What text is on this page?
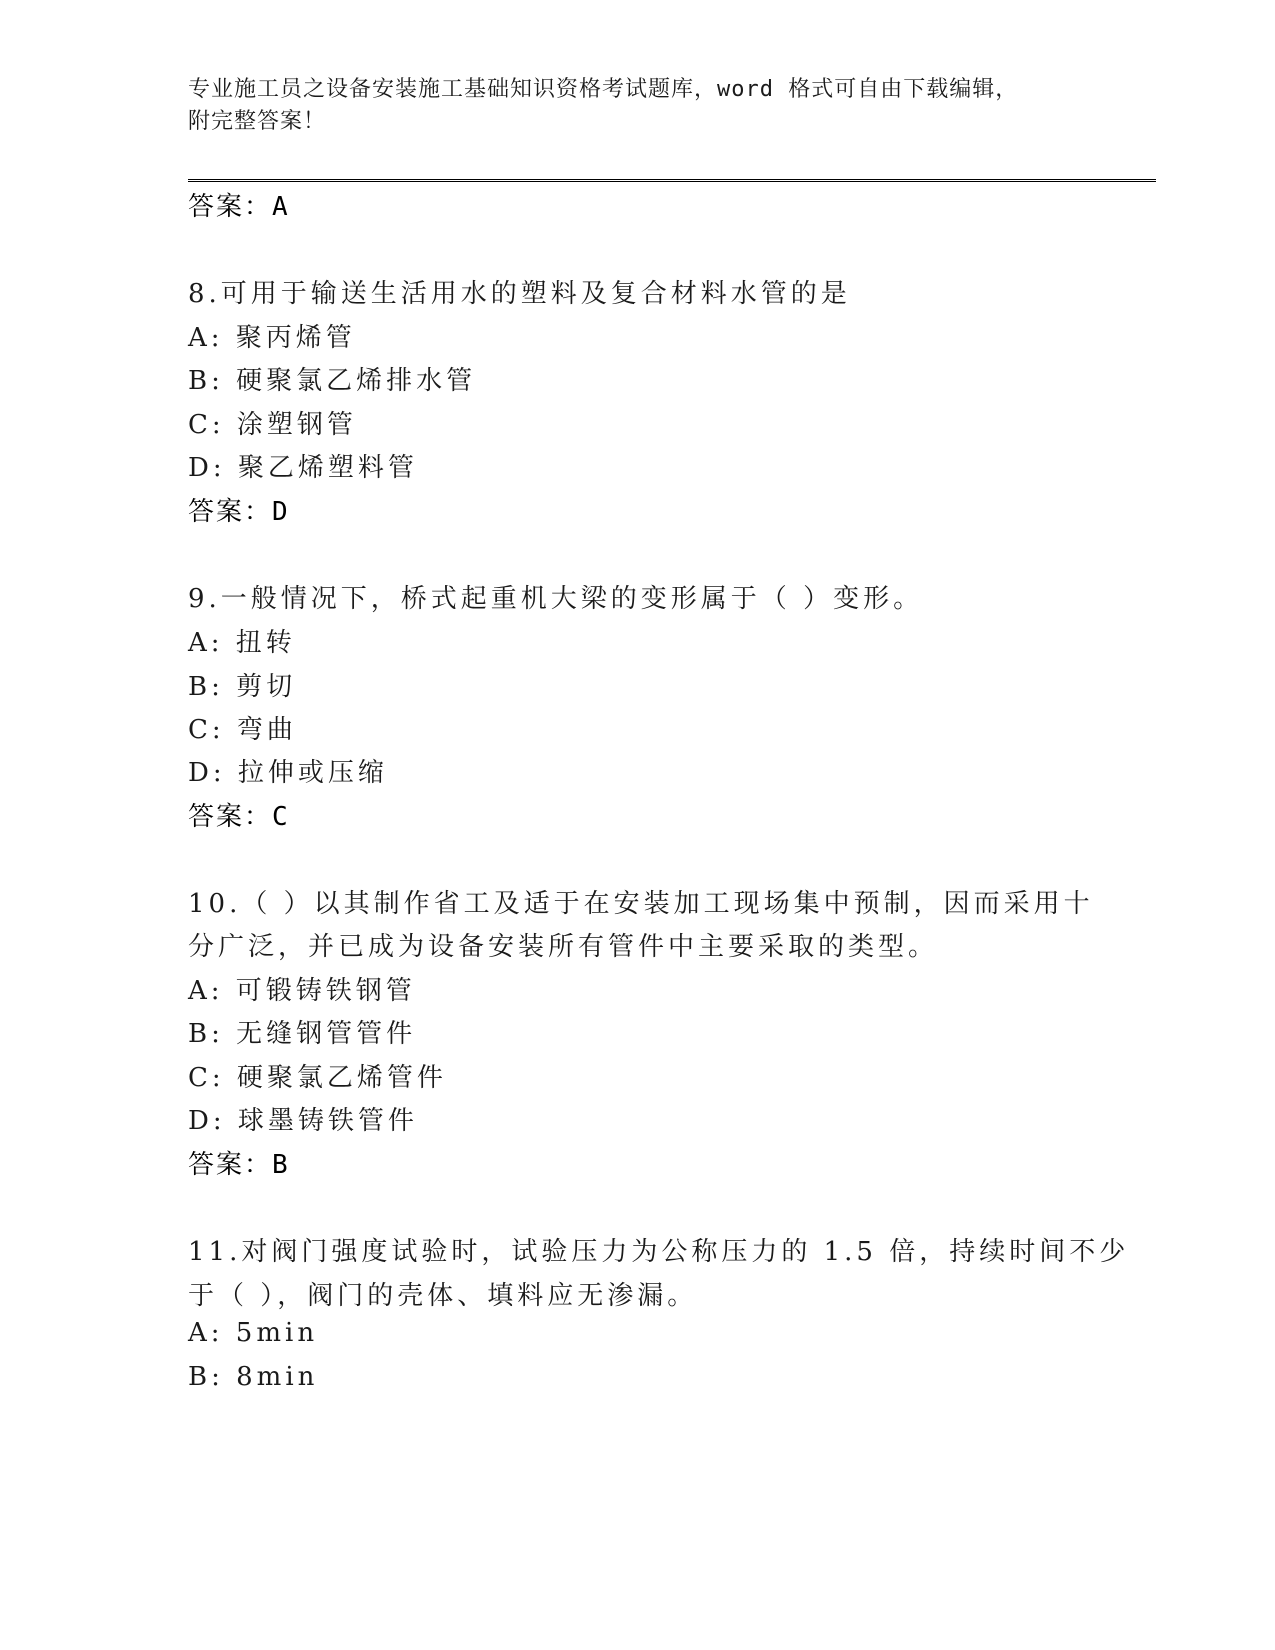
专业施工员之设备安装施工基础知识资格考试题库，word 格式可自由下载编辑，
附完整答案！
答案：A
8.可用于输送生活用水的塑料及复合材料水管的是
A: 聚丙烯管
B: 硬聚氯乙烯排水管
C: 涂塑钢管
D: 聚乙烯塑料管
答案：D
9.一般情况下，桥式起重机大梁的变形属于（ ）变形。
A: 扭转
B: 剪切
C: 弯曲
D: 拉伸或压缩
答案：C
10.（ ）以其制作省工及适于在安装加工现场集中预制，因而采用十
分广泛，并已成为设备安装所有管件中主要采取的类型。
A: 可锻铸铁钢管
B: 无缝钢管管件
C: 硬聚氯乙烯管件
D: 球墨铸铁管件
答案：B
11.对阀门强度试验时，试验压力为公称压力的 1.5 倍，持续时间不少
于（ ），阀门的壳体、填料应无渗漏。
A: 5min
B: 8min
